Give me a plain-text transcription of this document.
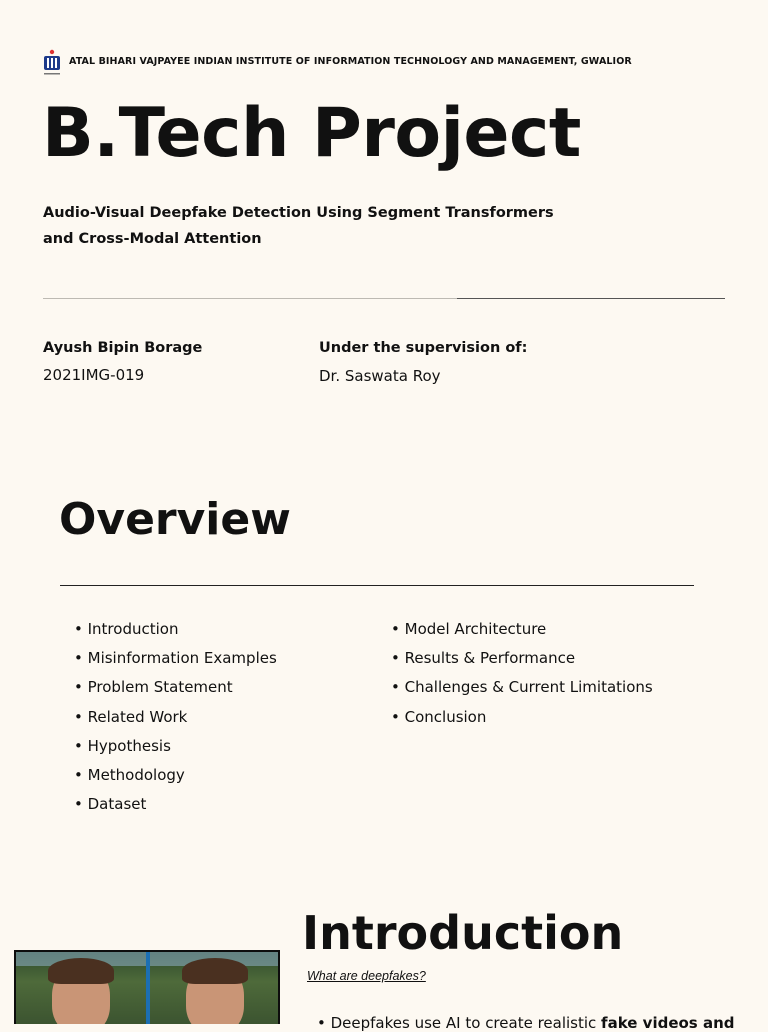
ATAL BIHARI VAJPAYEE INDIAN INSTITUTE OF INFORMATION TECHNOLOGY AND MANAGEMENT, GWALIOR
B.Tech Project
Audio-Visual Deepfake Detection Using Segment Transformers and Cross-Modal Attention
Ayush Bipin Borage
2021IMG-019
Under the supervision of:
Dr. Saswata Roy
Overview
• Introduction
• Misinformation Examples
• Problem Statement
• Related Work
• Hypothesis
• Methodology
• Dataset
• Model Architecture
• Results & Performance
• Challenges & Current Limitations
• Conclusion
Introduction
What are deepfakes?
• Deepfakes use AI to create realistic fake videos and
